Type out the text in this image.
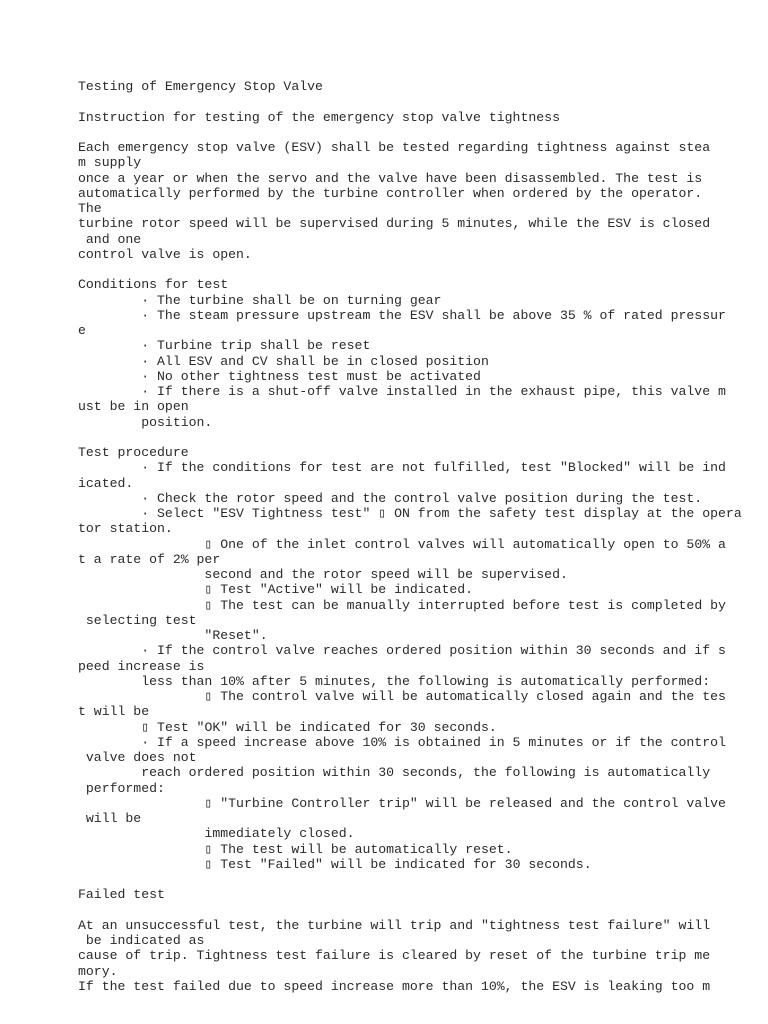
Testing of Emergency Stop Valve
Instruction for testing of the emergency stop valve tightness
Each emergency stop valve (ESV) shall be tested regarding tightness against stea
m supply
once a year or when the servo and the valve have been disassembled. The test is
automatically performed by the turbine controller when ordered by the operator.
The
turbine rotor speed will be supervised during 5 minutes, while the ESV is closed
and one
control valve is open.
Conditions for test
· The turbine shall be on turning gear
· The steam pressure upstream the ESV shall be above 35 % of rated pressur
e
· Turbine trip shall be reset
· All ESV and CV shall be in closed position
· No other tightness test must be activated
· If there is a shut-off valve installed in the exhaust pipe, this valve m
ust be in open
position.
Test procedure
· If the conditions for test are not fulfilled, test "Blocked" will be ind
icated.
· Check the rotor speed and the control valve position during the test.
· Select "ESV Tightness test" ▯ ON from the safety test display at the opera
tor station.
▯ One of the inlet control valves will automatically open to 50% a
t a rate of 2% per
second and the rotor speed will be supervised.
▯ Test "Active" will be indicated.
▯ The test can be manually interrupted before test is completed by
selecting test
"Reset".
· If the control valve reaches ordered position within 30 seconds and if s
peed increase is
less than 10% after 5 minutes, the following is automatically performed:
▯ The control valve will be automatically closed again and the tes
t will be
▯ Test "OK" will be indicated for 30 seconds.
· If a speed increase above 10% is obtained in 5 minutes or if the control
valve does not
reach ordered position within 30 seconds, the following is automatically
performed:
▯ "Turbine Controller trip" will be released and the control valve
will be
immediately closed.
▯ The test will be automatically reset.
▯ Test "Failed" will be indicated for 30 seconds.
Failed test
At an unsuccessful test, the turbine will trip and "tightness test failure" will
be indicated as
cause of trip. Tightness test failure is cleared by reset of the turbine trip me
mory.
If the test failed due to speed increase more than 10%, the ESV is leaking too m
